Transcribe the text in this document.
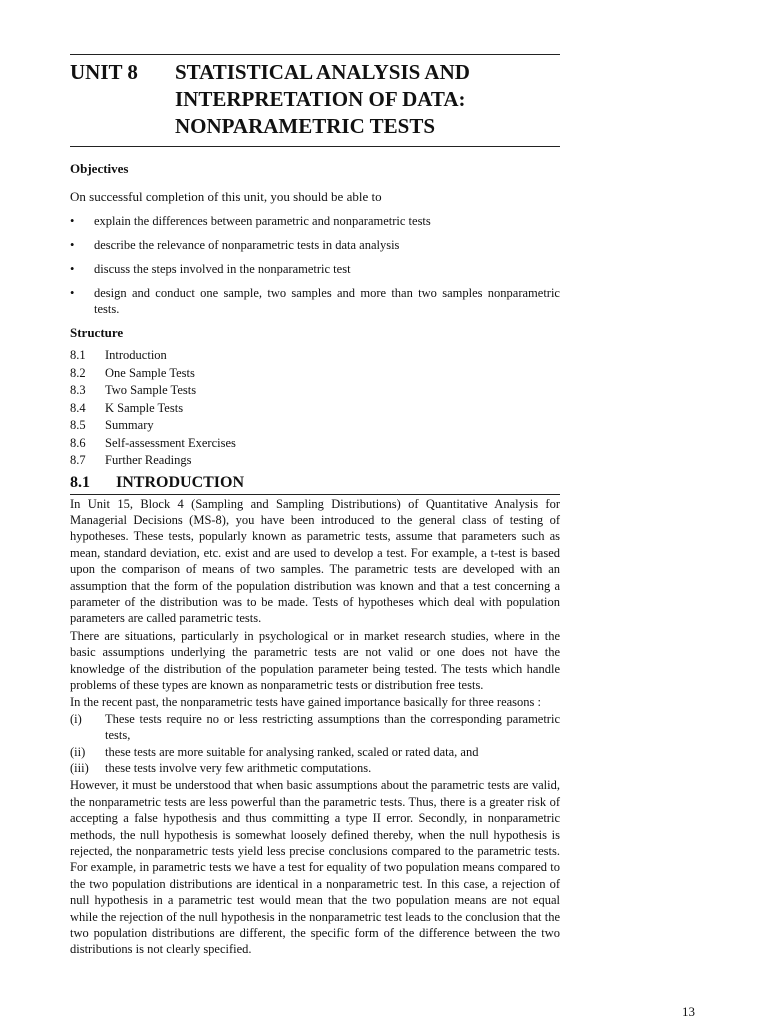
UNIT 8	STATISTICAL ANALYSIS AND
INTERPRETATION OF DATA:
NONPARAMETRIC TESTS
Objectives

On successful completion of this unit, you should be able to

•	explain the differences between parametric and nonparametric tests
•	describe the relevance of nonparametric tests in data analysis
•	discuss the steps involved in the nonparametric test
•	design and conduct one sample, two samples and more than two samples nonparametric tests.
Structure
8.1	Introduction
8.2	One Sample Tests
8.3	Two Sample Tests
8.4	K Sample Tests
8.5	Summary
8.6	Self-assessment Exercises
8.7	Further Readings
8.1	INTRODUCTION

In Unit 15, Block 4 (Sampling and Sampling Distributions) of Quantitative Analysis for Managerial Decisions (MS-8), you have been introduced to the general class of testing of hypotheses. These tests, popularly known as parametric tests, assume that parameters such as mean, standard deviation, etc. exist and are used to develop a test. For example, a t-test is based upon the comparison of means of two samples. The parametric tests are developed with an assumption that the form of the population distribution was known and that a test concerning a parameter of the distribution was to be made. Tests of hypotheses which deal with population parameters are called parametric tests.

There are situations, particularly in psychological or in market research studies, where in the basic assumptions underlying the parametric tests are not valid or one does not have the knowledge of the distribution of the population parameter being tested. The tests which handle problems of these types are known as nonparametric tests or distribution free tests.

In the recent past, the nonparametric tests have gained importance basically for three reasons :

(i)	These tests require no or less restricting assumptions than the corresponding parametric tests,
(ii)	these tests are more suitable for analysing ranked, scaled or rated data, and
(iii)	these tests involve very few arithmetic computations.

However, it must be understood that when basic assumptions about the parametric tests are valid, the nonparametric tests are less powerful than the parametric tests. Thus, there is a greater risk of accepting a false hypothesis and thus committing a type II error. Secondly, in nonparametric methods, the null hypothesis is somewhat loosely defined thereby, when the null hypothesis is rejected, the nonparametric tests yield less precise conclusions compared to the parametric tests. For example, in parametric tests we have a test for equality of two population means compared to the two population distributions are identical in a nonparametric test. In this case, a rejection of null hypothesis in a parametric test would mean that the two population means are not equal while the rejection of the null hypothesis in the nonparametric test leads to the conclusion that the two population distributions are different, the specific form of the difference between the two distributions is not clearly specified.

13
